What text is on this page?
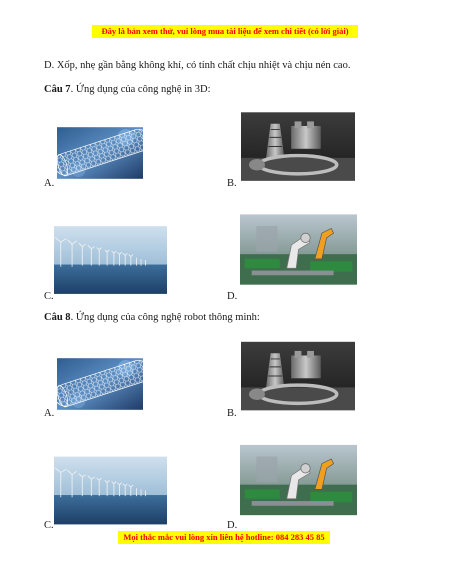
Đây là bản xem thử, vui lòng mua tài liệu để xem chi tiết (có lời giải)
D. Xốp, nhẹ gần bằng không khí, có tính chất chịu nhiệt và chịu nén cao.
Câu 7. Ứng dụng của công nghệ in 3D:
A.	B.
C.	D.
Câu 8. Ứng dụng của công nghệ robot thông minh:
A.	B.
C.	D.
Mọi thắc mắc vui lòng xin liên hệ hotline: 084 283 45 85
